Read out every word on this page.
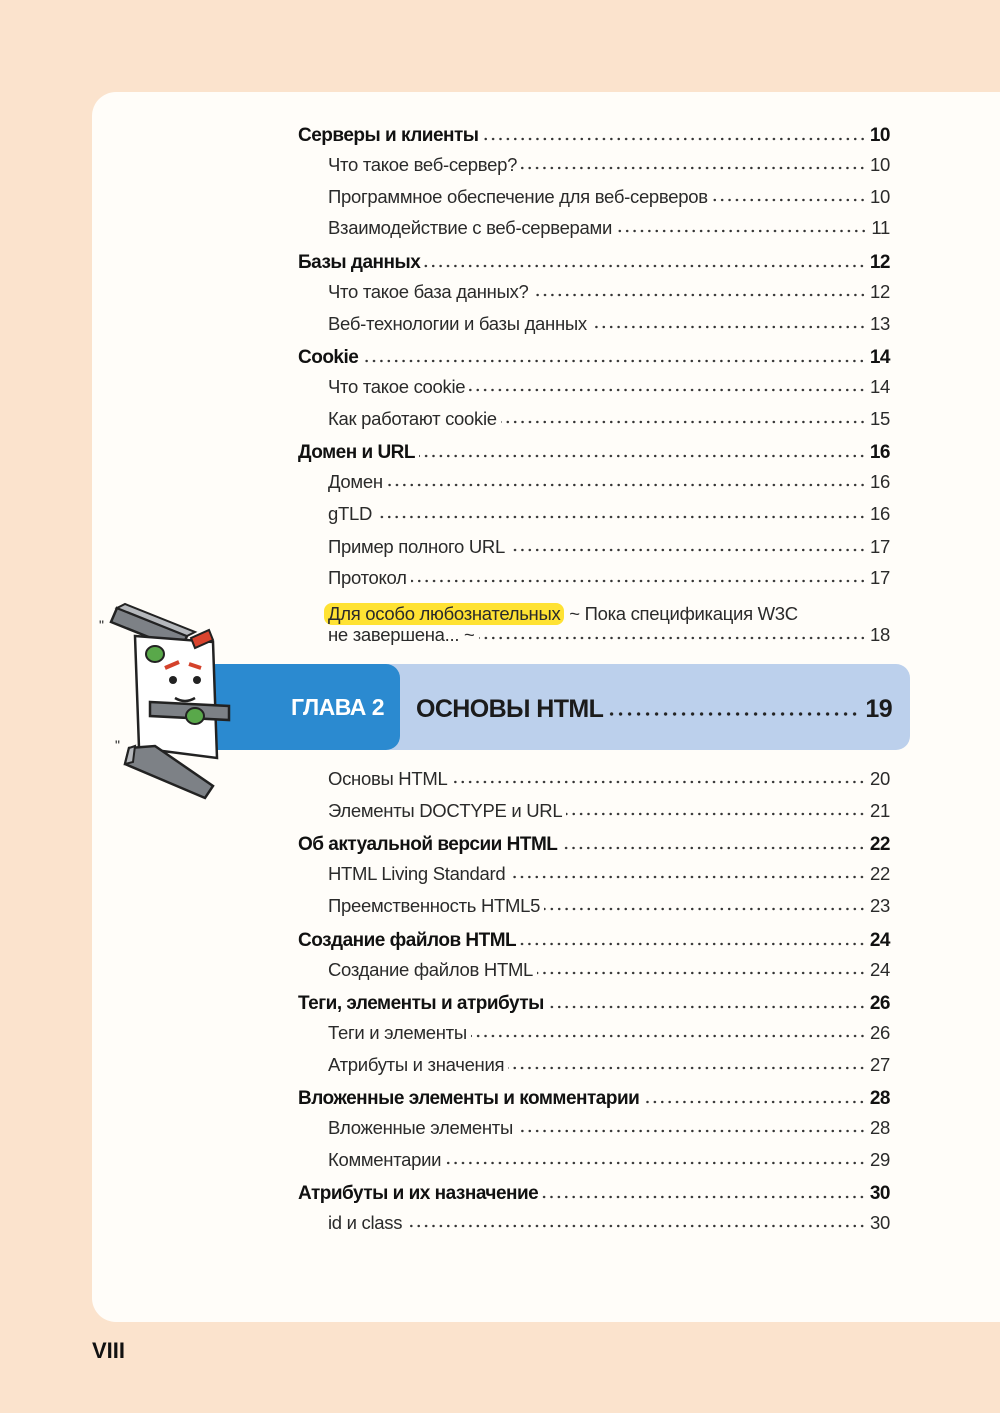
Для особо любознательных ~ Пока спецификация W3C
не завершена... ~	18
ГЛАВА 2	ОСНОВЫ HTML	19
"
"
VIII
Серверы и клиенты	10
Что такое веб-сервер?	10
Программное обеспечение для веб-серверов	10
Взаимодействие с веб-серверами	11
Базы данных	12
Что такое база данных?	12
Веб-технологии и базы данных	13
Cookie	14
Что такое cookie	14
Как работают cookie	15
Домен и URL	16
Домен	16
gTLD	16
Пример полного URL	17
Протокол	17
Основы HTML	20
Элементы DOCTYPE и URL	21
Об актуальной версии HTML	22
HTML Living Standard	22
Преемственность HTML5	23
Создание файлов HTML	24
Создание файлов HTML	24
Теги, элементы и атрибуты	26
Теги и элементы	26
Атрибуты и значения	27
Вложенные элементы и комментарии	28
Вложенные элементы	28
Комментарии	29
Атрибуты и их назначение	30
id и class	30
